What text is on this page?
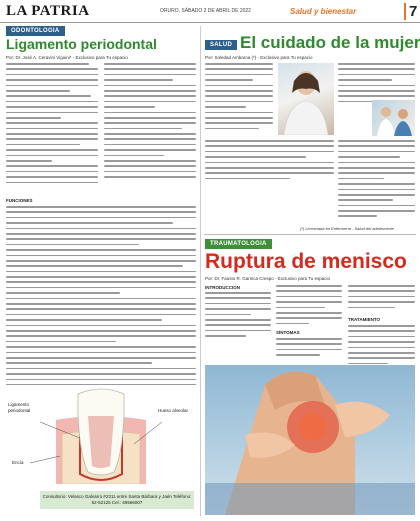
LA PATRIA	ORURO, SÁBADO 2 DE ABRIL DE 2022	Salud y bienestar	7
ODONTOLOGIA
Ligamento periodontal
Por: Dr. José A. Ceravini Viguini* - Exclusivo para Tu espacio
FUNCIONES
Ligamento periodontal	Hueso alveolar
Encía
Consultorio: Velasco Galvarro #2311 entre Santa Bárbara y Jaén Teléfono: 52-52125 Cel.: 69566007
SALUD El cuidado de la mujer
Por: Soledad Ambaroa (*) - Exclusivo para Tu espacio
(*) Licenciada en Enfermería - Salud del adolescente
TRAUMATOLOGIA
Ruptura de menisco
Por: Dr. Fausto R. Garnica Crespo - Exclusivo para Tu espacio
INTRODUCCION
SÍNTOMAS
TRATAMIENTO
